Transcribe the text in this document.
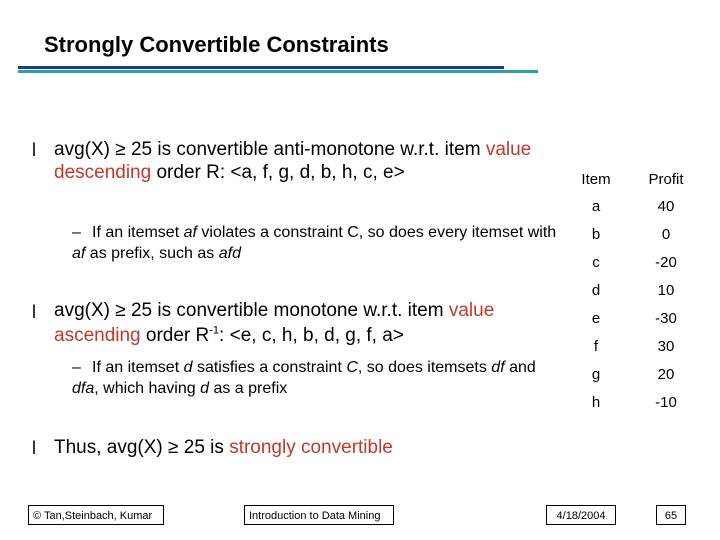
Strongly Convertible Constraints
l avg(X) ≥ 25 is convertible anti-monotone w.r.t. item value descending order R: <a, f, g, d, b, h, c, e>

– If an itemset af violates a constraint C, so does every itemset with af as prefix, such as afd

l avg(X) ≥ 25 is convertible monotone w.r.t. item value ascending order $R^{-1}$: <e, c, h, b, d, g, f, a>

– If an itemset d satisfies a constraint C, so does itemsets df and dfa, which having d as a prefix

l Thus, avg(X) ≥ 25 is strongly convertible

Item	Profit
a	40
b	0
c	-20
d	10
e	-30
f	30
g	20
h	-10
© Tan,Steinbach, Kumar	Introduction to Data Mining	4/18/2004	65
